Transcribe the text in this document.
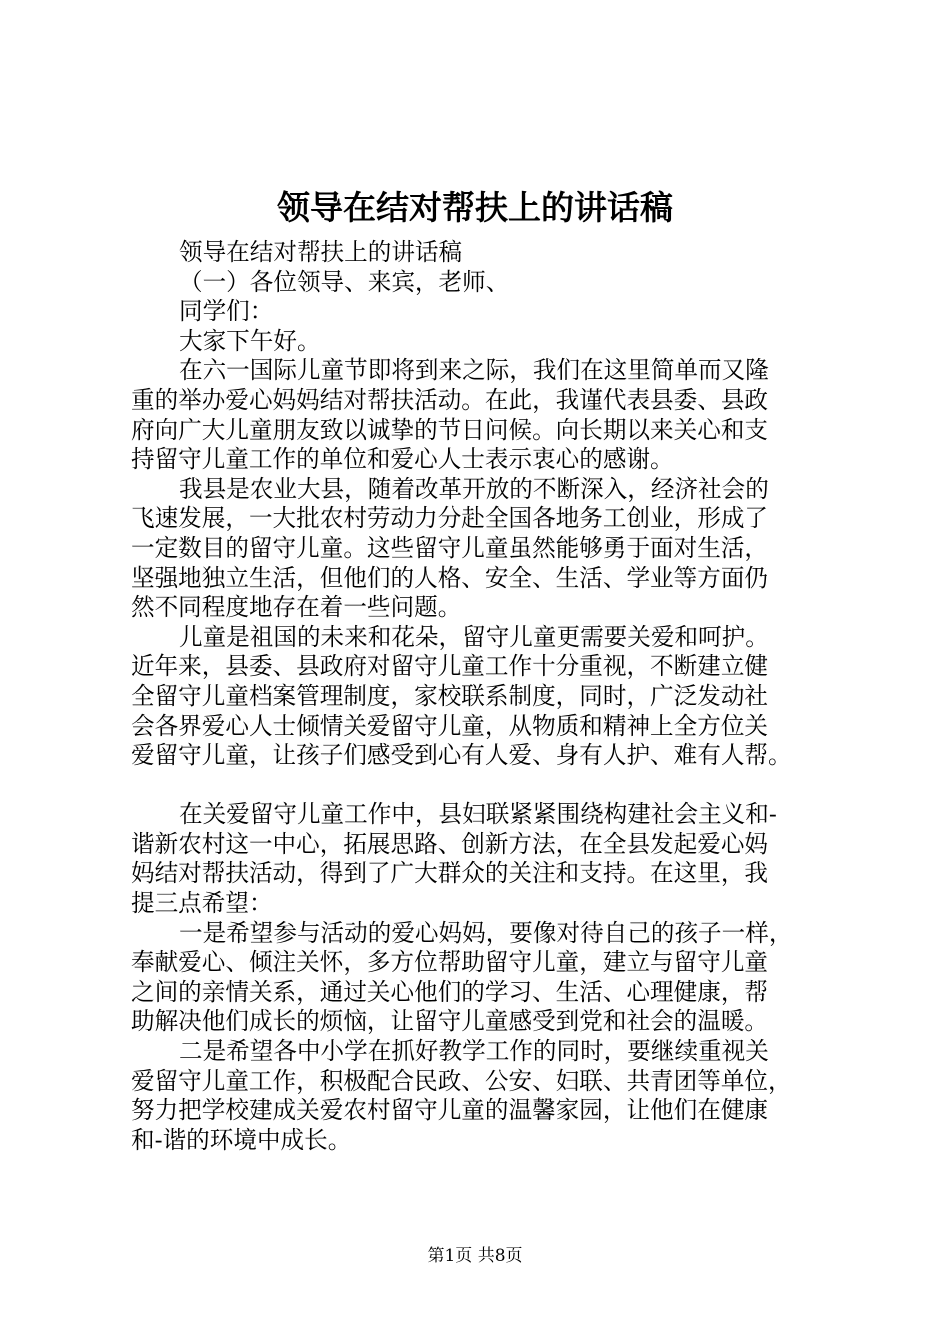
领导在结对帮扶上的讲话稿
领导在结对帮扶上的讲话稿
（一）各位领导、来宾，老师、
同学们：
大家下午好。
在六一国际儿童节即将到来之际，我们在这里简单而又隆
重的举办爱心妈妈结对帮扶活动。在此，我谨代表县委、县政
府向广大儿童朋友致以诚挚的节日问候。向长期以来关心和支
持留守儿童工作的单位和爱心人士表示衷心的感谢。
我县是农业大县，随着改革开放的不断深入，经济社会的
飞速发展，一大批农村劳动力分赴全国各地务工创业，形成了
一定数目的留守儿童。这些留守儿童虽然能够勇于面对生活，
坚强地独立生活，但他们的人格、安全、生活、学业等方面仍
然不同程度地存在着一些问题。
儿童是祖国的未来和花朵，留守儿童更需要关爱和呵护。
近年来，县委、县政府对留守儿童工作十分重视，不断建立健
全留守儿童档案管理制度，家校联系制度，同时，广泛发动社
会各界爱心人士倾情关爱留守儿童，从物质和精神上全方位关
爱留守儿童，让孩子们感受到心有人爱、身有人护、难有人帮。
在关爱留守儿童工作中，县妇联紧紧围绕构建社会主义和-
谐新农村这一中心，拓展思路、创新方法，在全县发起爱心妈
妈结对帮扶活动，得到了广大群众的关注和支持。在这里，我
提三点希望：
一是希望参与活动的爱心妈妈，要像对待自己的孩子一样，
奉献爱心、倾注关怀，多方位帮助留守儿童，建立与留守儿童
之间的亲情关系，通过关心他们的学习、生活、心理健康，帮
助解决他们成长的烦恼，让留守儿童感受到党和社会的温暖。
二是希望各中小学在抓好教学工作的同时，要继续重视关
爱留守儿童工作，积极配合民政、公安、妇联、共青团等单位，
努力把学校建成关爱农村留守儿童的温馨家园，让他们在健康
和-谐的环境中成长。
第1页 共8页
